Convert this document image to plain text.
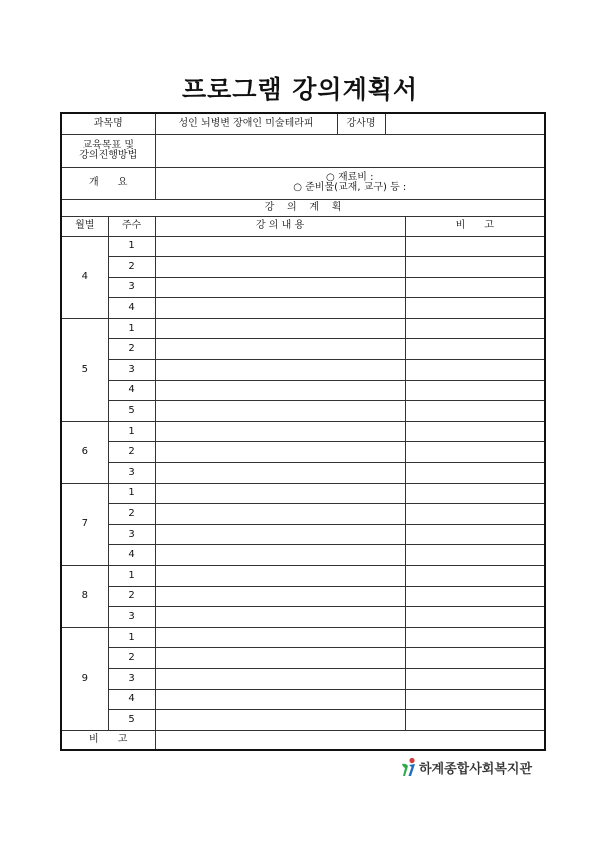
프로그램 강의계획서
과목명		성인 뇌병변 장애인 미술테라피	강사명		

교육목표 및
강의진행방법					

개      요		○ 재료비 :
○ 준비물(교재, 교구) 등 :			

강    의    계    획					
월별	주수	강 의 내 용			비      고
4	1				
	2				
	3				
	4				
5	1				
	2				
	3				
	4				
	5				
6	1				
	2				
	3				
7	1				
	2				
	3				
	4				
8	1				
	2				
	3				
9	1				
	2				
	3				
	4				
	5				
비      고					
하계종합사회복지관
